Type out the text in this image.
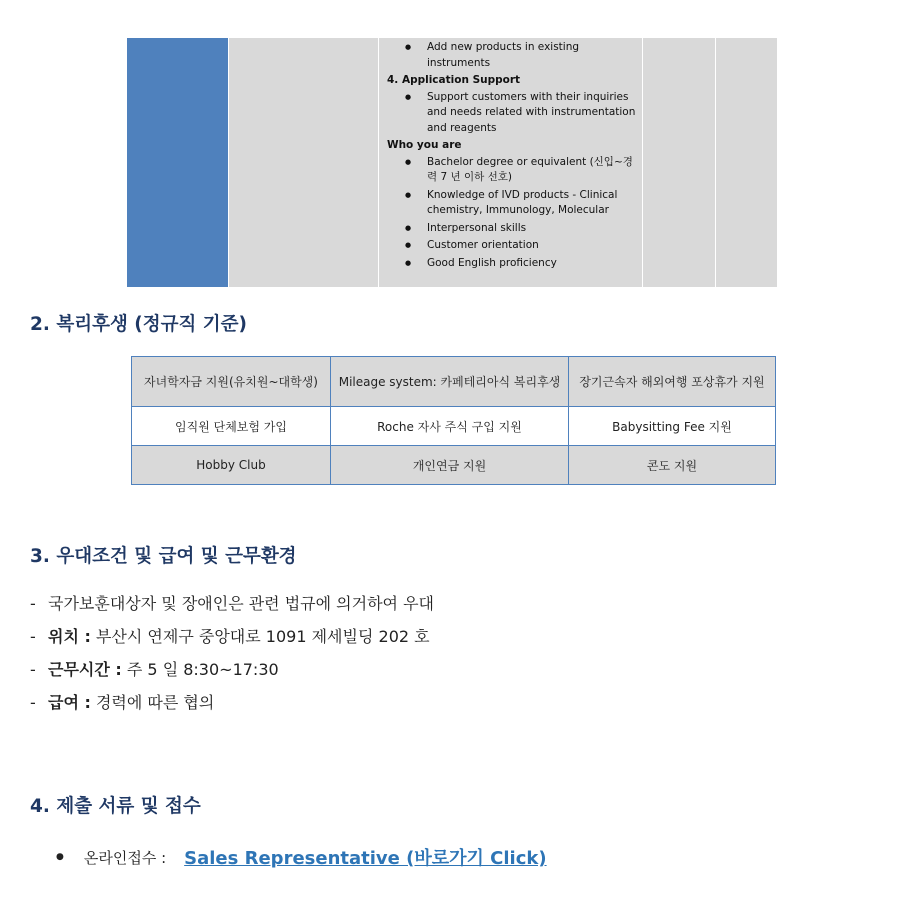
● Add new products in existing instruments

4. Application Support

● Support customers with their inquiries and needs related with instrumentation and reagents

Who you are

● Bachelor degree or equivalent (신입~경력 7 년 이하 선호)
● Knowledge of IVD products - Clinical chemistry, Immunology, Molecular
● Interpersonal skills
● Customer orientation
● Good English proficiency
2. 복리후생 (정규직 기준)
자녀학자금 지원(유치원~대학생)	Mileage system: 카페테리아식 복리후생	장기근속자 해외여행 포상휴가 지원
임직원 단체보험 가입	Roche 자사 주식 구입 지원	Babysitting Fee 지원
Hobby Club	개인연금 지원	콘도 지원
3. 우대조건 및 급여 및 근무환경
- 국가보훈대상자 및 장애인은 관련 법규에 의거하여 우대
- 위치 : 부산시 연제구 중앙대로 1091 제세빌딩 202 호
- 근무시간 : 주 5 일 8:30~17:30
- 급여 : 경력에 따른 협의
4. 제출 서류 및 접수
● 온라인접수 : Sales Representative (바로가기 Click)
